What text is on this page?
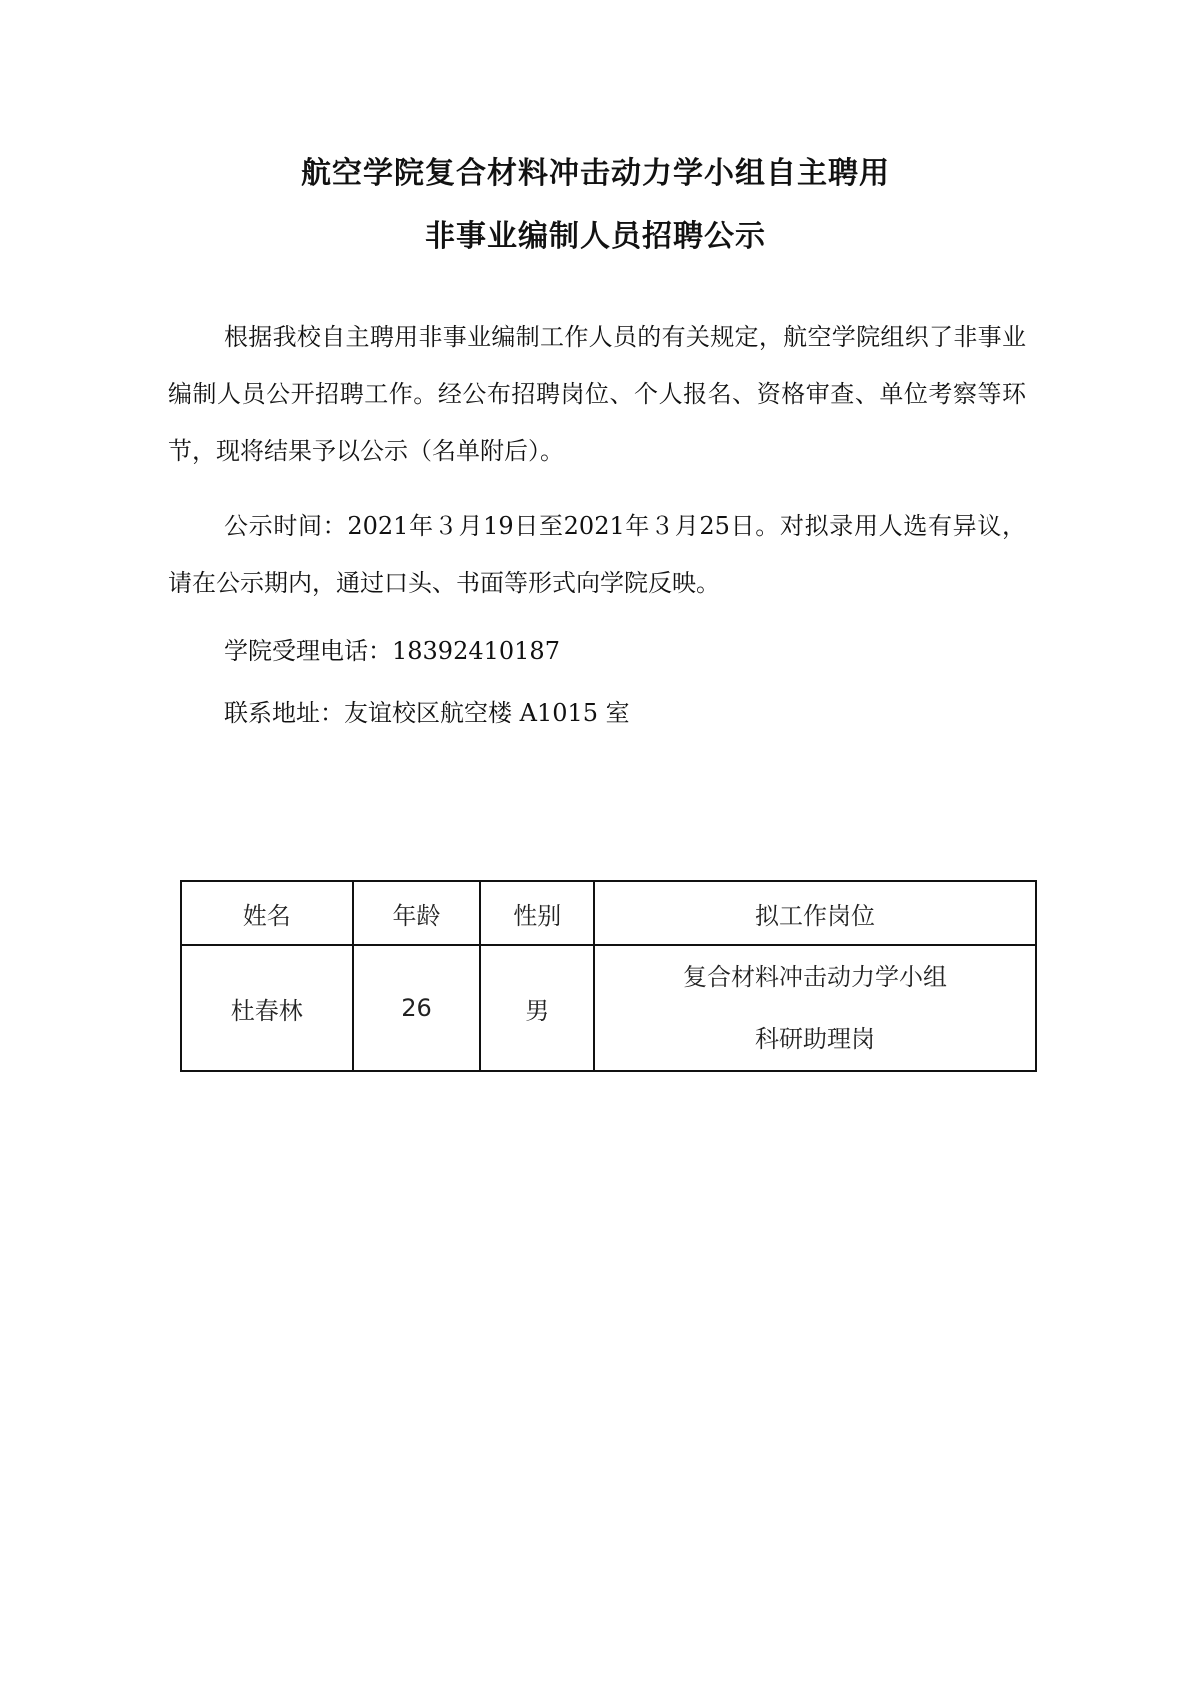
航空学院复合材料冲击动力学小组自主聘用
非事业编制人员招聘公示

根据我校自主聘用非事业编制工作人员的有关规定，航空学院组织了非事业编制人员公开招聘工作。经公布招聘岗位、个人报名、资格审查、单位考察等环节，现将结果予以公示（名单附后）。

公示时间：2021年３月19日至2021年３月25日。对拟录用人选有异议，请在公示期内，通过口头、书面等形式向学院反映。

学院受理电话：18392410187

联系地址：友谊校区航空楼 A1015 室

姓名	年龄	性别	拟工作岗位
杜春林	26	男	复合材料冲击动力学小组
科研助理岗
